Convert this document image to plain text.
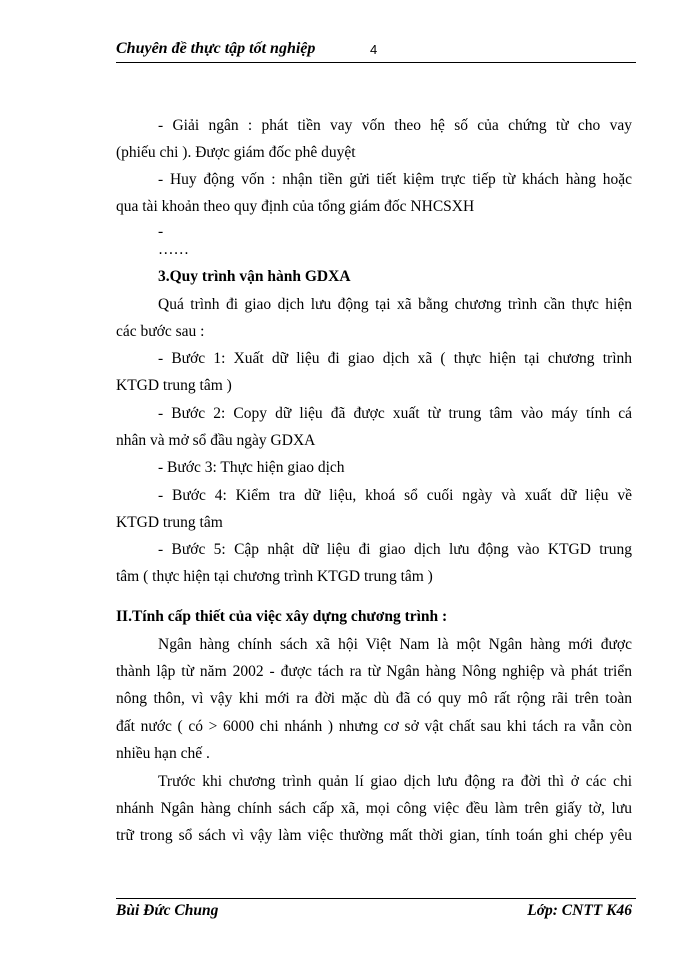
Chuyên đề thực tập tốt nghiệp	4
- Giải ngân : phát tiền vay vốn theo hệ số của chứng từ cho vay
(phiếu chi ). Được giám đốc phê duyệt
- Huy động vốn : nhận tiền gửi tiết kiệm trực tiếp từ khách hàng hoặc
qua tài khoản theo quy định của tổng giám đốc NHCSXH
-
……
3.Quy trình vận hành GDXA
Quá trình đi giao dịch lưu động tại xã bằng chương trình cần thực hiện
các bước sau :
- Bước 1: Xuất dữ liệu đi giao dịch xã ( thực hiện tại chương trình
KTGD trung tâm )
- Bước 2: Copy dữ liệu đã được xuất từ trung tâm vào máy tính cá
nhân và mở sổ đầu ngày GDXA
- Bước 3: Thực hiện giao dịch
- Bước 4: Kiểm tra dữ liệu, khoá sổ cuối ngày và xuất dữ liệu về
KTGD trung tâm
- Bước 5: Cập nhật dữ liệu đi giao dịch lưu động vào KTGD trung
tâm ( thực hiện tại chương trình KTGD trung tâm )
II.Tính cấp thiết của việc xây dựng chương trình :
Ngân hàng chính sách xã hội Việt Nam là một Ngân hàng mới được
thành lập từ năm 2002 - được tách ra từ Ngân hàng Nông nghiệp và phát triển
nông thôn, vì vậy khi mới ra đời mặc dù đã có quy mô rất rộng rãi trên toàn
đất nước ( có > 6000 chi nhánh ) nhưng cơ sở vật chất sau khi tách ra vẫn còn
nhiều hạn chế .
Trước khi chương trình quản lí giao dịch lưu động ra đời thì ở các chi
nhánh Ngân hàng chính sách cấp xã, mọi công việc đều làm trên giấy tờ, lưu
trữ trong sổ sách vì vậy làm việc thường mất thời gian, tính toán ghi chép yêu
Bùi Đức Chung	Lớp: CNTT K46
